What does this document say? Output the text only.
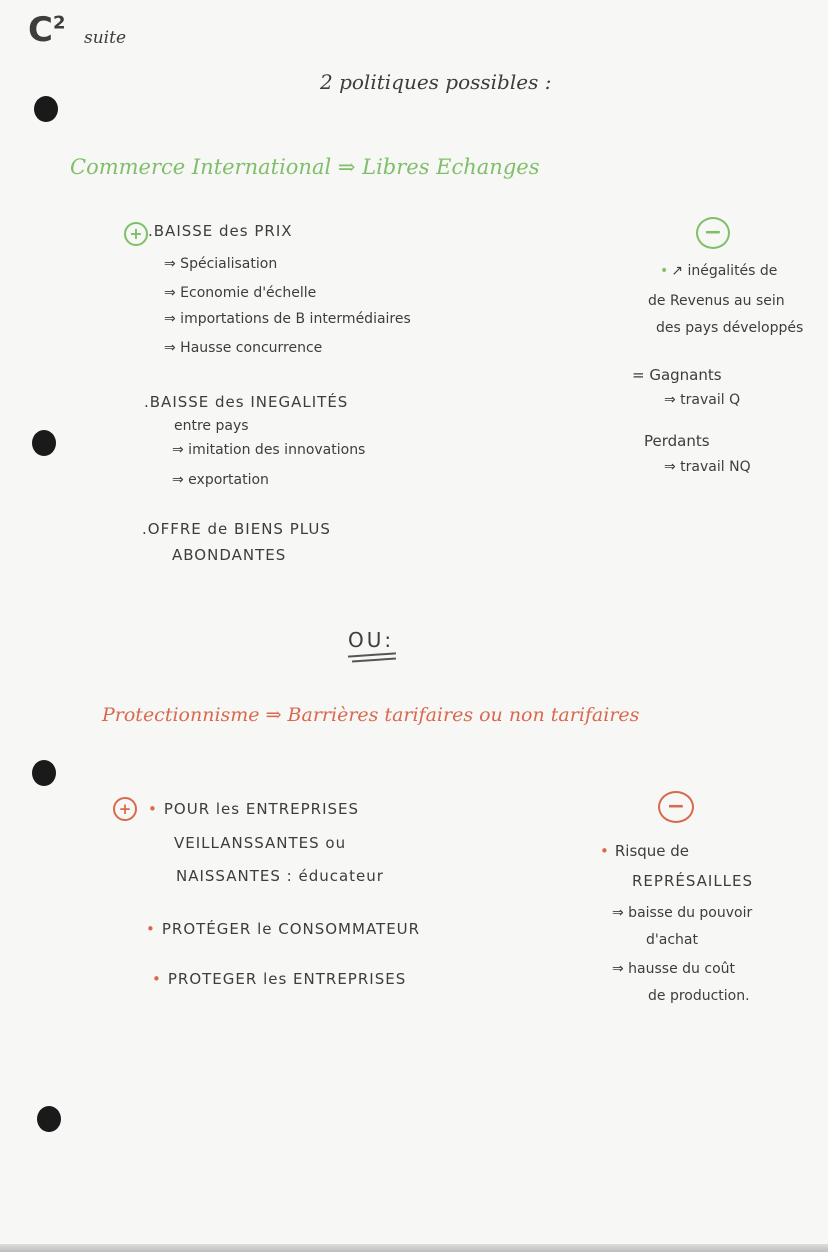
$C^2$
suite
2 politiques possibles :
Commerce International ⇒ Libres Echanges
+ .BAISSE des PRIX
⇒ Spécialisation
⇒ Economie d'échelle
⇒ importations de B intermédiaires
⇒ Hausse concurrence
.BAISSE des INEGALITÉS
entre pays
⇒ imitation des innovations
⇒ exportation
.OFFRE de BIENS PLUS
ABONDANTES
−
• ↗ inégalités de
de Revenus au sein
des pays développés
= Gagnants
⇒ travail Q
Perdants
⇒ travail NQ
OU:
Protectionnisme ⇒ Barrières tarifaires ou non tarifaires
+
•	POUR les ENTREPRISES
VEILLANSSANTES ou
NAISSANTES : éducateur
• PROTÉGER le CONSOMMATEUR
• PROTEGER les ENTREPRISES
−
• Risque de
REPRÉSAILLES
⇒ baisse du pouvoir
d'achat
⇒ hausse du coût
de production.
